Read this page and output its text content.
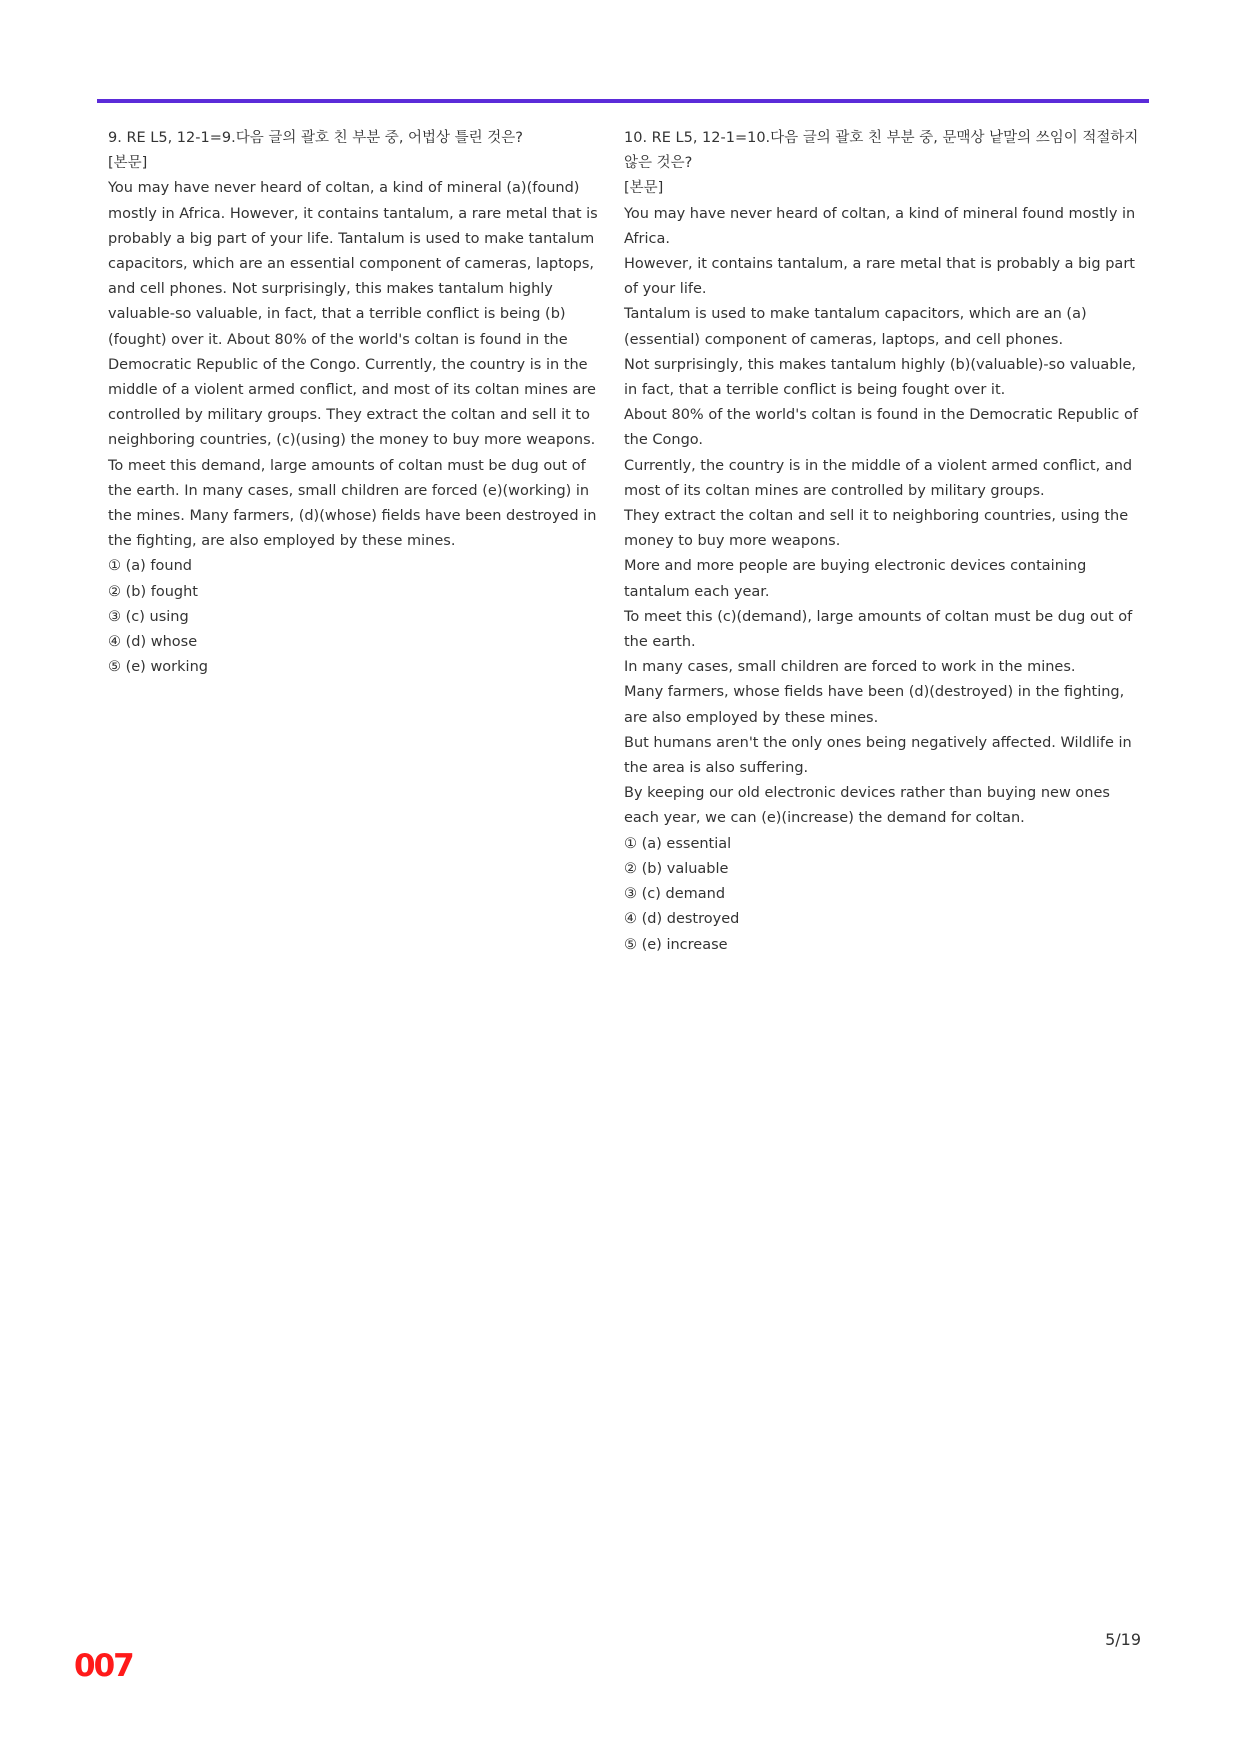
9. RE L5, 12-1=9.다음 글의 괄호 친 부분 중, 어법상 틀린 것은?

[본문]

You may have never heard of coltan, a kind of mineral (a)(found) mostly in Africa. However, it contains tantalum, a rare metal that is probably a big part of your life. Tantalum is used to make tantalum capacitors, which are an essential component of cameras, laptops, and cell phones. Not surprisingly, this makes tantalum highly valuable-so valuable, in fact, that a terrible conflict is being (b)(fought) over it. About 80% of the world's coltan is found in the Democratic Republic of the Congo. Currently, the country is in the middle of a violent armed conflict, and most of its coltan mines are controlled by military groups. They extract the coltan and sell it to neighboring countries, (c)(using) the money to buy more weapons. To meet this demand, large amounts of coltan must be dug out of the earth. In many cases, small children are forced (e)(working) in the mines. Many farmers, (d)(whose) fields have been destroyed in the fighting, are also employed by these mines.

① (a) found
② (b) fought
③ (c) using
④ (d) whose
⑤ (e) working

10. RE L5, 12-1=10.다음 글의 괄호 친 부분 중, 문맥상 낱말의 쓰임이 적절하지 않은 것은?

[본문]

You may have never heard of coltan, a kind of mineral found mostly in Africa.

However, it contains tantalum, a rare metal that is probably a big part of your life.

Tantalum is used to make tantalum capacitors, which are an (a)(essential) component of cameras, laptops, and cell phones.

Not surprisingly, this makes tantalum highly (b)(valuable)-so valuable, in fact, that a terrible conflict is being fought over it.

About 80% of the world's coltan is found in the Democratic Republic of the Congo.

Currently, the country is in the middle of a violent armed conflict, and most of its coltan mines are controlled by military groups.

They extract the coltan and sell it to neighboring countries, using the money to buy more weapons.

More and more people are buying electronic devices containing tantalum each year.

To meet this (c)(demand), large amounts of coltan must be dug out of the earth.

In many cases, small children are forced to work in the mines.

Many farmers, whose fields have been (d)(destroyed) in the fighting, are also employed by these mines.

But humans aren't the only ones being negatively affected. Wildlife in the area is also suffering.

By keeping our old electronic devices rather than buying new ones each year, we can (e)(increase) the demand for coltan.

① (a) essential
② (b) valuable
③ (c) demand
④ (d) destroyed
⑤ (e) increase
5/19
007
